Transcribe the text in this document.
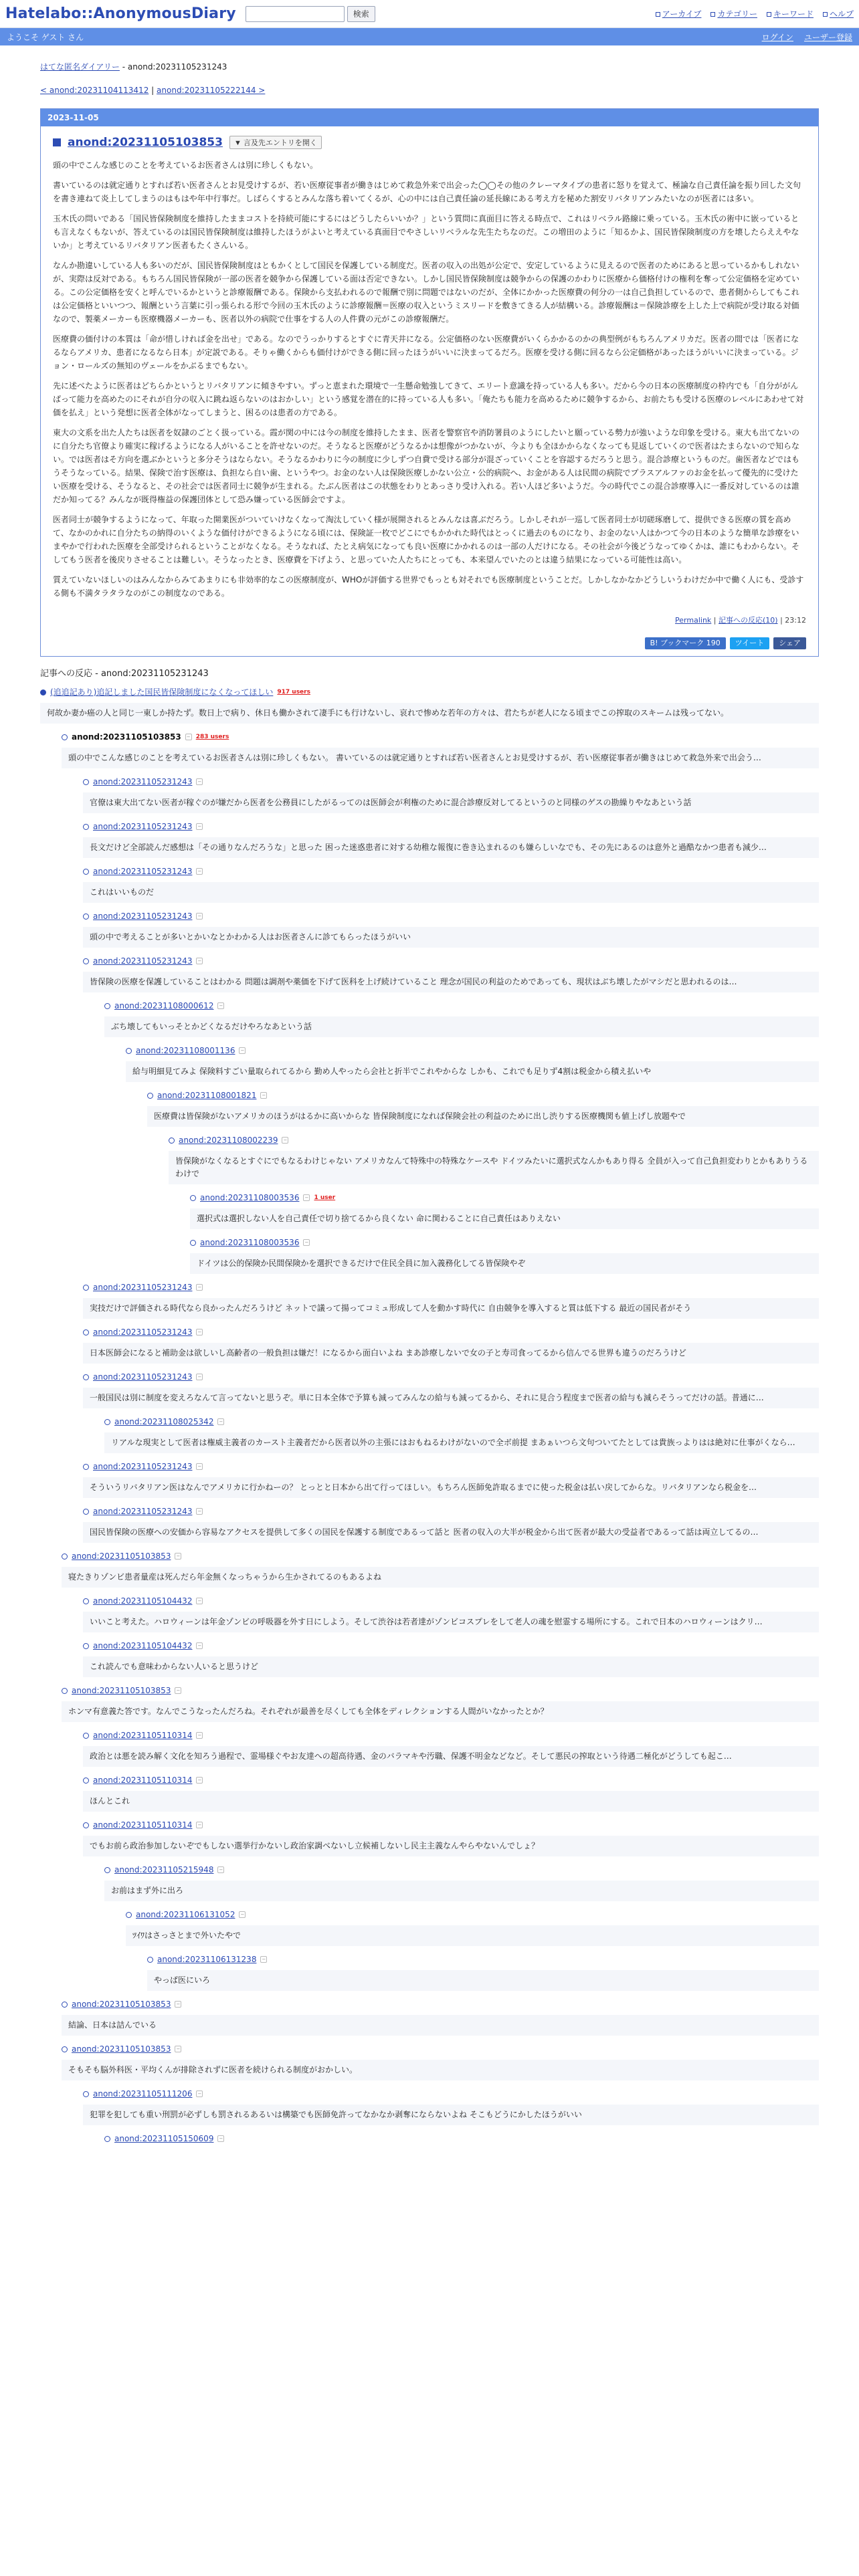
Hatelabo::AnonymousDiary	検索	アーカイブ	カテゴリー	キーワード	ヘルプ
ようこそ ゲスト さん	ログイン ユーザー登録
はてな匿名ダイアリー - anond:20231105231243
< anond:20231104113412 | anond:20231105222144 >
2023-11-05
anond:20231105103853	▼ 言及先エントリを開く

頭の中でこんな感じのことを考えているお医者さんは別に珍しくもない。

書いているのは就定通りとすれば若い医者さんとお見受けするが、若い医療従事者が働きはじめて救急外来で出会った◯◯その他のクレーマタイプの患者に怒りを覚えて、極論な自己責任論を振り回した文句を書き連ねて炎上してしまうのはもはや年中行事だ。しばらくするとみんな落ち着いてくるが、心の中には自己責任論の延長線にある考え方を秘めた割安リバタリアンみたいなのが医者には多い。

玉木氏の問いである「国民皆保険制度を維持したままコストを持続可能にするにはどうしたらいいか？」という質問に真面目に答える時点で、これはリベラル路線に乗っている。玉木氏の術中に嵌っているとも言えなくもないが、答えているのは国民皆保険制度は維持したほうがよいと考えている真面目でやさしいリベラルな先生たちなのだ。この増田のように「知るかよ、国民皆保険制度の方を壊したらええやないか」と考えているリバタリアン医者もたくさんいる。

なんか勘違いしている人も多いのだが、国民皆保険制度はともかくとして国民を保護している制度だ。医者の収入の出処が公定で、安定しているように見えるので医者のためにあると思っているかもしれないが、実際は反対である。もちろん国民皆保険が一部の医者を競争から保護している面は否定できない。しかし国民皆保険制度は競争からの保護のかわりに医療から価格付けの権利を奪って公定価格を定めている。この公定価格を安くと呼んでいるかというと診療報酬である。保険から支払われるので報酬で別に問題ではないのだが、全体にかかった医療費の何分の一は自己負担しているので、患者側からしてもこれは公定価格といいつつ、報酬という言葉に引っ張られる形で今回の玉木氏のように診療報酬＝医療の収入というミスリードを敷きてきる人が結構いる。診療報酬は＝保険診療を上した上で病院が受け取る対価なので、製薬メーカーも医療機器メーカーも、医者以外の病院で仕事をする人の人件費の元がこの診療報酬だ。

医療費の価付けの本質は「命が惜しければ金を出せ」である。なのでうっかりするとすぐに青天井になる。公定価格のない医療費がいくらかかるのかの典型例がもちろんアメリカだ。医者の間では「医者になるならアメリカ、患者になるなら日本」が定説である。そりゃ働くからも価付けができる側に回ったほうがいいに決まってるだろ。医療を受ける側に回るなら公定価格があったほうがいいに決まっている。ジョン・ロールズの無知のヴェールをかぶるまでもない。

先に述べたように医者はどちらかというとリバタリアンに傾きやすい。ずっと恵まれた環境で一生懸命勉強してきて、エリート意識を持っている人も多い。だから今の日本の医療制度の枠内でも「自分ががんばって能力を高めたのにそれが自分の収入に跳ね返らないのはおかしい」という感覚を潜在的に持っている人も多い。「俺たちも能力を高めるために競争するから、お前たちも受ける医療のレベルにあわせて対価を払え」という発想に医者全体がなってしまうと、困るのは患者の方である。

東大の文系を出た人たちは医者を奴隷のごとく扱っている。霞が関の中には今の制度を維持したまま、医者を警察官や消防署員のようにしたいと願っている勢力が強いような印象を受ける。東大も出てないのに自分たち官僚より確実に稼げるようになる人がいることを許せないのだ。そうなると医療がどうなるかは想像がつかないが、今よりも全ほかからなくなっても見返していくので医者はたまらないので知らない。では医者はそ方向を選ぶかというと多分そうはならない。そうなるかわりに今の制度に少しずつ自費で受ける部分が混ざっていくことを容認するだろうと思う。混合診療というものだ。歯医者などではもうそうなっている。結果、保険で治す医療は、負担なら自い歯、というやつ。お金のない人は保険医療しかない公立・公的病院へ、お金がある人は民間の病院でプラスアルファのお金を払って優先的に受けたい医療を受ける、そうなると、その社会では医者同士に競争が生まれる。たぶん医者はこの状態をわりとあっさり受け入れる。若い人ほど多いようだ。今の時代でこの混合診療導入に一番反対しているのは誰だか知ってる？みんなが既得権益の保護団体として恐み嫌っている医師会ですよ。

医者同士が競争するようになって、年取った開業医がついていけなくなって淘汰していく様が展開されるとみんなは喜ぶだろう。しかしそれが一巡して医者同士が切磋琢磨して、提供できる医療の質を高めて、なかのかれに自分たちの納得のいくような価付けができるようになる頃には、保険証一枚でどこにでもかかれた時代はとっくに過去のものになり、お金のない人はかつて今の日本のような簡単な診療をいまやかで行われた医療を全部受けられるということがなくなる。そうなれば、たとえ病気になっても良い医療にかかれるのは一部の人だけになる。その社会が今後どうなってゆくかは、誰にもわからない。そしてもう医者を後戻りさせることは難しい。そうなったとき、医療費を下げよう、と思っていた人たちにとっても、本来望んでいたのとは違う結果になっている可能性は高い。

質えていないほしいのはみんなからみてあまりにも非効率的なこの医療制度が、WHOが評価する世界でもっとも対それでも医療制度ということだ。しかしなかなかどうしいうわけだか中で働く人にも、受診する側も不満タラタラなのがこの制度なのである。

Permalink | 記事への反応(10) | 23:12
B! ブックマーク 190	ツイート	シェア
記事への反応 - anond:20231105231243
(追追記あり)追記しました国民皆保険制度になくなってほしい 917 users
何故か妻か癌の人と同じ一東しか持たず。数日上で病り、休日も働かされて凄手にも行けないし、哀れで惨めな若年の方々は、君たちが老人になる頃までこの搾取のスキームは残ってない。
anond:20231105103853 − 283 users
頭の中でこんな感じのことを考えているお医者さんは別に珍しくもない。 書いているのは就定通りとすれば若い医者さんとお見受けするが、若い医療従事者が働きはじめて救急外来で出会う…
anond:20231105231243 −
官僚は東大出てない医者が稼ぐのが嫌だから医者を公務員にしたがるってのは医師会が利権のために混合診療反対してるというのと同様のゲスの勘繰りやなあという話
anond:20231105231243 −
長文だけど全部読んだ感想は「その通りなんだろうな」と思った 困った迷惑患者に対する幼稚な報復に巻き込まれるのも嫌らしいなでも、その先にあるのは意外と過酷なかつ患者も減少…
anond:20231105231243 −
これはいいものだ
anond:20231105231243 −
頭の中で考えることが多いとかいなとかわかる人はお医者さんに診てもらったほうがいい
anond:20231105231243 −
皆保険の医療を保護していることはわかる 問題は調剤や薬価を下げて医科を上げ続けていること 理念が国民の利益のためであっても、現状はぶち壊したがマシだと思われるのは…
anond:20231108000612 −
ぶち壊してもいっそとかどくなるだけやろなあという話
anond:20231108001136 −
給与明細見てみよ 保険料すごい量取られてるから 勤め人やったら会社と折半でこれやからな しかも、これでも足りず4割は税金から積え払いや
anond:20231108001821 −
医療費は皆保険がないアメリカのほうがはるかに高いからな 皆保険制度になれば保険会社の利益のために出し渋りする医療機関も値上げし放題やで
anond:20231108002239 −
皆保険がなくなるとすぐにでもなるわけじゃない アメリカなんて特殊中の特殊なケースや ドイツみたいに選択式なんかもあり得る 全員が入って自己負担変わりとかもありうるわけで
anond:20231108003536 − 1 user
選択式は選択しない人を自己責任で切り捨てるから良くない 命に関わることに自己責任はありえない
anond:20231108003536 −
ドイツは公的保険か民間保険かを選択できるだけで住民全員に加入義務化してる皆保険やぞ
anond:20231105231243 −
実技だけで評価される時代なら良かったんだろうけど ネットで議って揚ってコミュ形成して人を動かす時代に 自由競争を導入すると質は低下する 最近の国民者がそう
anond:20231105231243 −
日本医師会になると補助金は欲しいし高齢者の一般負担は嫌だ！になるから面白いよね まあ診療しないで女の子と寿司食ってるから信んでる世界も違うのだろうけど
anond:20231105231243 −
一般国民は別に制度を変えろなんて言ってないと思うぞ。単に日本全体で予算も減ってみんなの給与も減ってるから、それに見合う程度まで医者の給与も減らそうってだけの話。普通に…
anond:20231108025342 −
リアルな現実として医者は権威主義者のカースト主義者だから医者以外の主張にはおもねるわけがないので全ボ前提 まあぁいつら文句ついてたとしては貴族っよりはは絶対に仕事がくなら…
anond:20231105231243 −
そういうリバタリアン医はなんでアメリカに行かねーの？ とっとと日本から出て行ってほしい。もちろん医師免許取るまでに使った税金は払い戻してからな。リバタリアンなら税金を…
anond:20231105231243 −
国民皆保険の医療への安価から容易なアクセスを提供して多くの国民を保護する制度であるって話と 医者の収入の大半が税金から出て医者が最大の受益者であるって話は両立してるの…
anond:20231105103853 −
寝たきりゾンビ患者量産は死んだら年金無くなっちゃうから生かされてるのもあるよね
anond:20231105104432 −
いいこと考えた。ハロウィーンは年金ゾンビの呼吸器を外す日にしよう。そして渋谷は若者達がゾンビコスプレをして老人の魂を慰霊する場所にする。これで日本のハロウィーンはクリ…
anond:20231105104432 −
これ読んでも意味わからない人いると思うけど
anond:20231105103853 −
ホンマ有意義た答です。なんでこうなったんだろね。それぞれが最善を尽くしても全体をディレクションする人間がいなかったとか？
anond:20231105110314 −
政治とは悪を読み解く文化を知ろう過程で、霊場様ぐやお友達への超高待遇、金のバラマキや汚職、保護不明金などなど。そして悪民の搾取という待遇二極化がどうしても起こ…
anond:20231105110314 −
ほんとこれ
anond:20231105110314 −
でもお前ら政治参加しないぞでもしない選挙行かないし政治家調べないし立候補しないし民主主義なんやらやないんでしょ？
anond:20231105215948 −
お前はまず外に出ろ
anond:20231106131052 −
ﾂｲﾜはさっさとまで外いたやで
anond:20231106131238 −
やっぱ医にいろ
anond:20231105103853 −
結論、日本は詰んでいる
anond:20231105103853 −
そもそも脳外科医・平均くんが排除されずに医者を続けられる制度がおかしい。
anond:20231105111206 −
犯罪を犯しても重い刑罰が必ずしも罰されるあるいは構築でも医師免許ってなかなか剥奪にならないよね そこもどうにかしたほうがいい
anond:20231105150609 −
